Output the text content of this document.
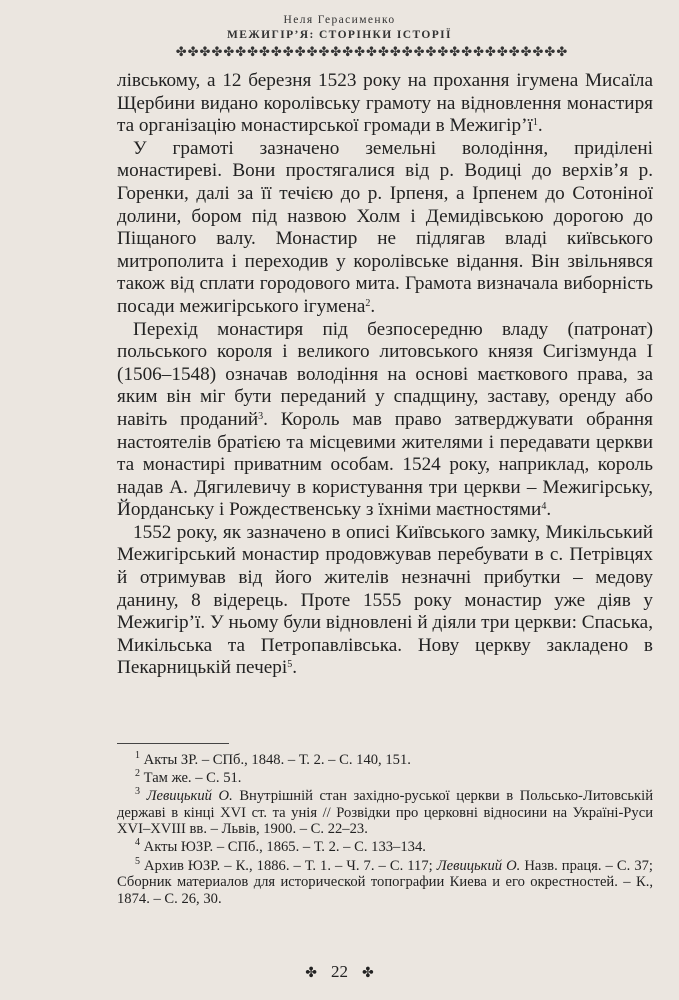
Неля Герасименко
МЕЖИГІР’Я: СТОРІНКИ ІСТОРІЇ
✤✤✤✤✤✤✤✤✤✤✤✤✤✤✤✤✤✤✤✤✤✤✤✤✤✤✤✤✤✤✤✤✤

лівському, а 12 березня 1523 року на прохання ігумена Мисаїла Щербини видано королівську грамоту на відновлення монастиря та організацію монастирської громади в $Межигір’ї^1$.

У грамоті зазначено земельні володіння, приділені монастиреві. Вони простягалися від р. Водиці до верхів’я р. Горенки, далі за її течією до р. Ірпеня, а Ірпенем до Сотоніної долини, бором під назвою Холм і Демидівською дорогою до Піщаного валу. Монастир не підлягав владі київського митрополита і переходив у королівське відання. Він звільнявся також від сплати городового мита. Грамота визначала виборність посади межигірського ігумена$^2$.

Перехід монастиря під безпосередню владу (патронат) польського короля і великого литовського князя Сигізмунда І (1506–1548) означав володіння на основі маєткового права, за яким він міг бути переданий у спадщину, заставу, оренду або навіть проданий$^3$. Король мав право затверджувати обрання настоятелів братією та місцевими жителями і передавати церкви та монастирі приватним особам. 1524 року, наприклад, король надав А. Дягилевичу в користування три церкви – Межигірську, Йорданську і Рождественську з їхніми маєтностями$^4$.

1552 року, як зазначено в описі Київського замку, Микільський Межигірський монастир продовжував перебувати в с. Петрівцях й отримував від його жителів незначні прибутки – медову данину, 8 відерець. Проте 1555 року монастир уже діяв у Межигір’ї. У ньому були відновлені й діяли три церкви: Спаська, Микільська та Петропавлівська. Нову церкву закладено в Пекарницькій печері$^5$.

$^1$ Акты ЗР. – СПб., 1848. – Т. 2. – С. 140, 151.

$^2$ Там же. – С. 51.

$^3$ Левицький О. Внутрішній стан західно-руської церкви в Польсько-Литовській державі в кінці XVI ст. та унія // Розвідки про церковні відносини на Україні-Руси XVI–XVIII вв. – Львів, 1900. – С. 22–23.

$^4$ Акты ЮЗР. – СПб., 1865. – Т. 2. – С. 133–134.

$^5$ Архив ЮЗР. – К., 1886. – Т. 1. – Ч. 7. – С. 117; Левицький О. Назв. праця. – С. 37; Сборник материалов для исторической топографии Киева и его окрестностей. – К., 1874. – С. 26, 30.

✤ 22 ✤
